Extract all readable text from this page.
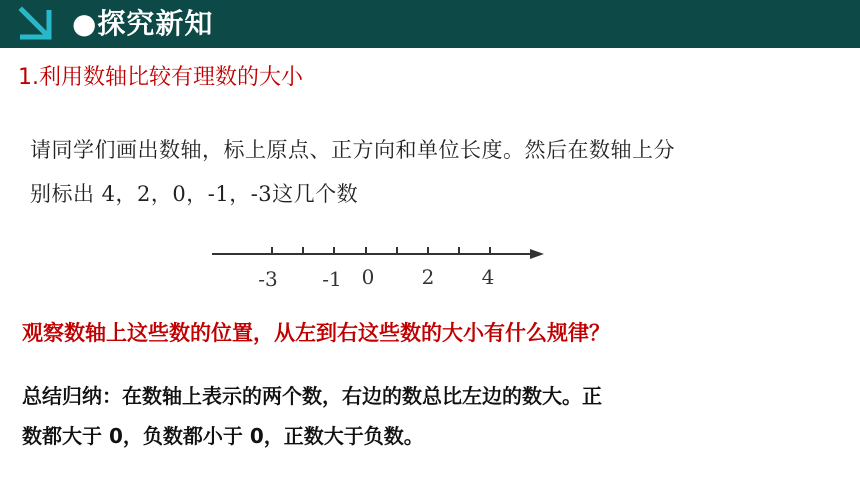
●探究新知
1.利用数轴比较有理数的大小
请同学们画出数轴，标上原点、正方向和单位长度。然后在数轴上分
别标出 4，2，0，-1，-3这几个数
-3 -1 0 2 4
观察数轴上这些数的位置，从左到右这些数的大小有什么规律？
总结归纳：在数轴上表示的两个数，右边的数总比左边的数大。正
数都大于 0，负数都小于 0，正数大于负数。
